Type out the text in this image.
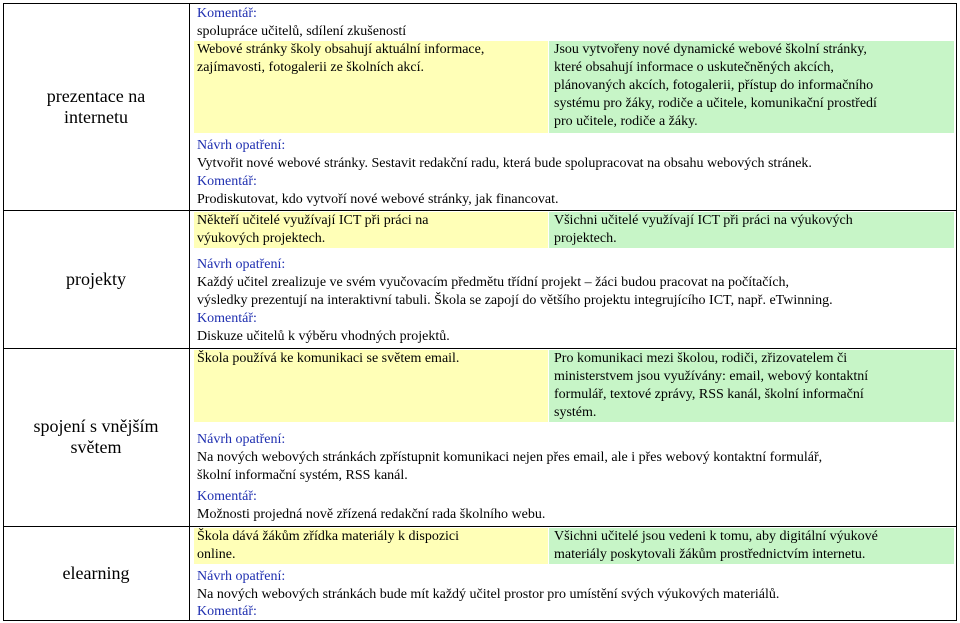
prezentace na internetu
projekty
spojení s vnějším světem
elearning
Komentář:
spolupráce učitelů, sdílení zkušeností
Webové stránky školy obsahují aktuální informace,
zajímavosti, fotogalerii ze školních akcí.
Jsou vytvořeny nové dynamické webové školní stránky,
které obsahují informace o uskutečněných akcích,
plánovaných akcích, fotogalerii, přístup do informačního
systému pro žáky, rodiče a učitele, komunikační prostředí
pro učitele, rodiče a žáky.
Návrh opatření:
Vytvořit nové webové stránky. Sestavit redakční radu, která bude spolupracovat na obsahu webových stránek.
Komentář:
Prodiskutovat, kdo vytvoří nové webové stránky, jak financovat.
Někteří učitelé využívají ICT při práci na
výukových projektech.
Všichni učitelé využívají ICT při práci na výukových
projektech.
Návrh opatření:
Každý učitel zrealizuje ve svém vyučovacím předmětu třídní projekt – žáci budou pracovat na počítačích,
výsledky prezentují na interaktivní tabuli. Škola se zapojí do většího projektu integrujícího ICT, např. eTwinning.
Komentář:
Diskuze učitelů k výběru vhodných projektů.
Škola používá ke komunikaci se světem email.	Pro komunikaci mezi školou, rodiči, zřizovatelem či
ministerstvem jsou využívány: email, webový kontaktní
formulář, textové zprávy, RSS kanál, školní informační
systém.
Návrh opatření:
Na nových webových stránkách zpřístupnit komunikaci nejen přes email, ale i přes webový kontaktní formulář,
školní informační systém, RSS kanál.
Komentář:
Možnosti projedná nově zřízená redakční rada školního webu.
Škola dává žákům zřídka materiály k dispozici
online.
Všichni učitelé jsou vedeni k tomu, aby digitální výukové
materiály poskytovali žákům prostřednictvím internetu.
Návrh opatření:
Na nových webových stránkách bude mít každý učitel prostor pro umístění svých výukových materiálů.
Komentář:
